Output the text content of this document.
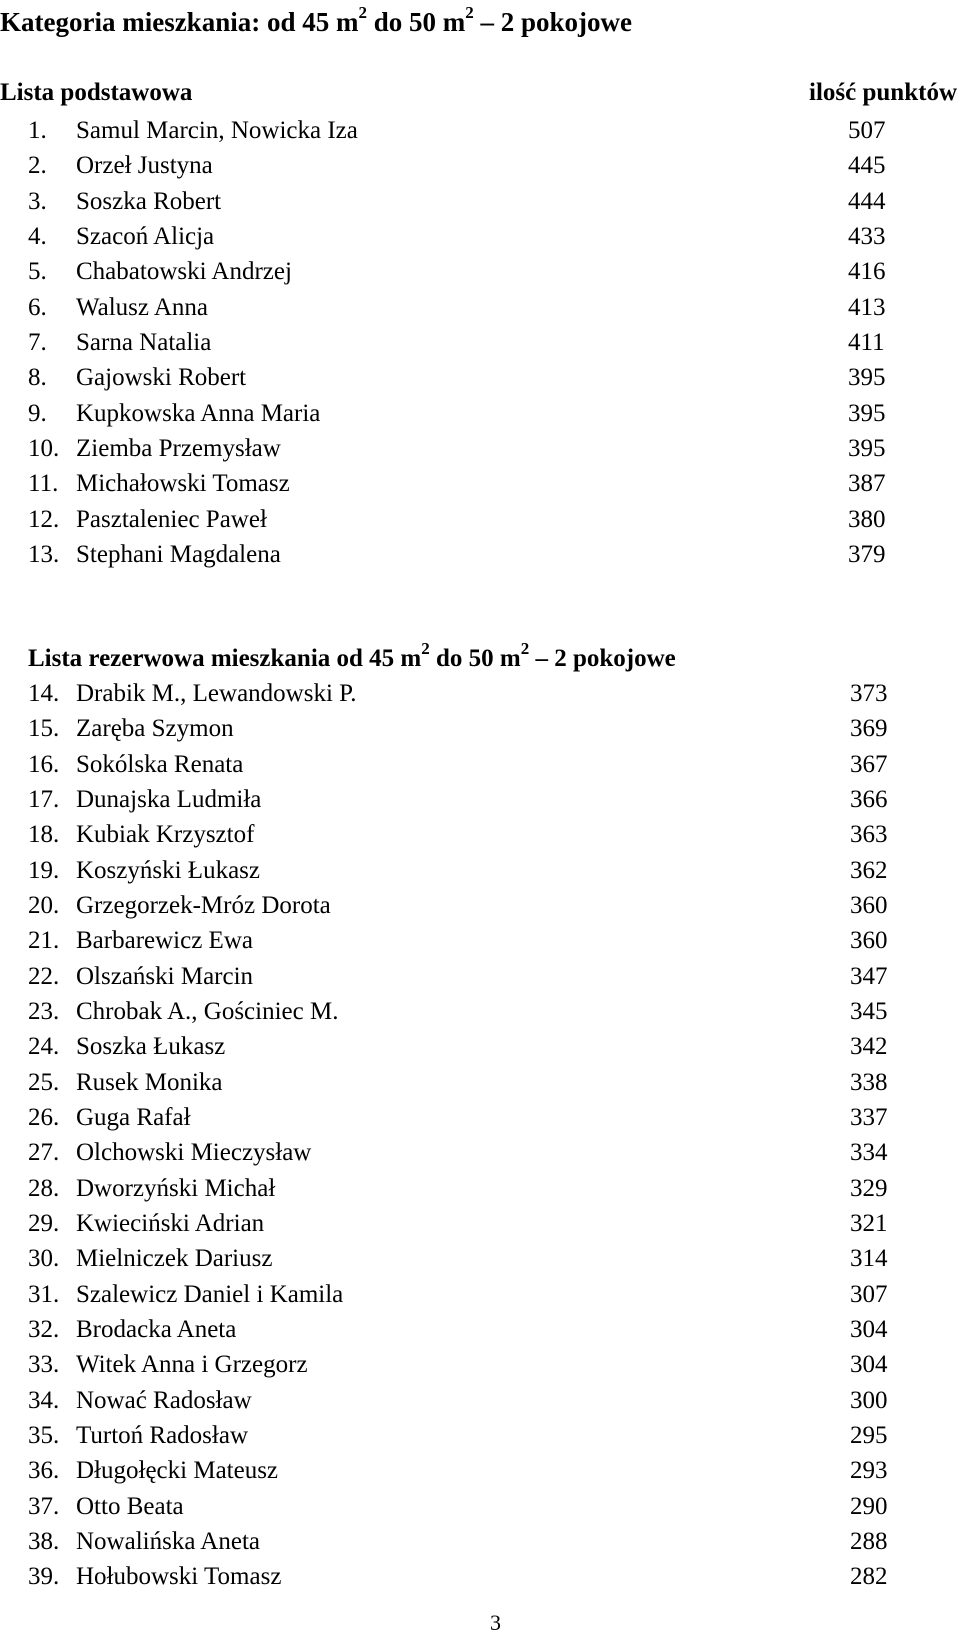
Kategoria mieszkania: od 45 $m^2$ do 50 $m^2 - 2$ pokojowe
Lista podstawowa	ilość punktów
1. Samul Marcin, Nowicka Iza	507
2. Orzeł Justyna	445
3. Soszka Robert	444
4. Szacoń Alicja	433
5. Chabatowski Andrzej	416
6. Walusz Anna	413
7. Sarna Natalia	411
8. Gajowski Robert	395
9. Kupkowska Anna Maria	395
10. Ziemba Przemysław	395
11. Michałowski Tomasz	387
12. Pasztaleniec Paweł	380
13. Stephani Magdalena	379
Lista rezerwowa mieszkania od 45 $m^2$ do 50 $m^2 - 2$ pokojowe
14. Drabik M., Lewandowski P.	373
15. Zaręba Szymon	369
16. Sokólska Renata	367
17. Dunajska Ludmiła	366
18. Kubiak Krzysztof	363
19. Koszyński Łukasz	362
20. Grzegorzek-Mróz Dorota	360
21. Barbarewicz Ewa	360
22. Olszański Marcin	347
23. Chrobak A., Gościniec M.	345
24. Soszka Łukasz	342
25. Rusek Monika	338
26. Guga Rafał	337
27. Olchowski Mieczysław	334
28. Dworzyński Michał	329
29. Kwieciński Adrian	321
30. Mielniczek Dariusz	314
31. Szalewicz Daniel i Kamila	307
32. Brodacka Aneta	304
33. Witek Anna i Grzegorz	304
34. Nować Radosław	300
35. Turtoń Radosław	295
36. Długołęcki Mateusz	293
37. Otto Beata	290
38. Nowalińska Aneta	288
39. Hołubowski Tomasz	282
3
